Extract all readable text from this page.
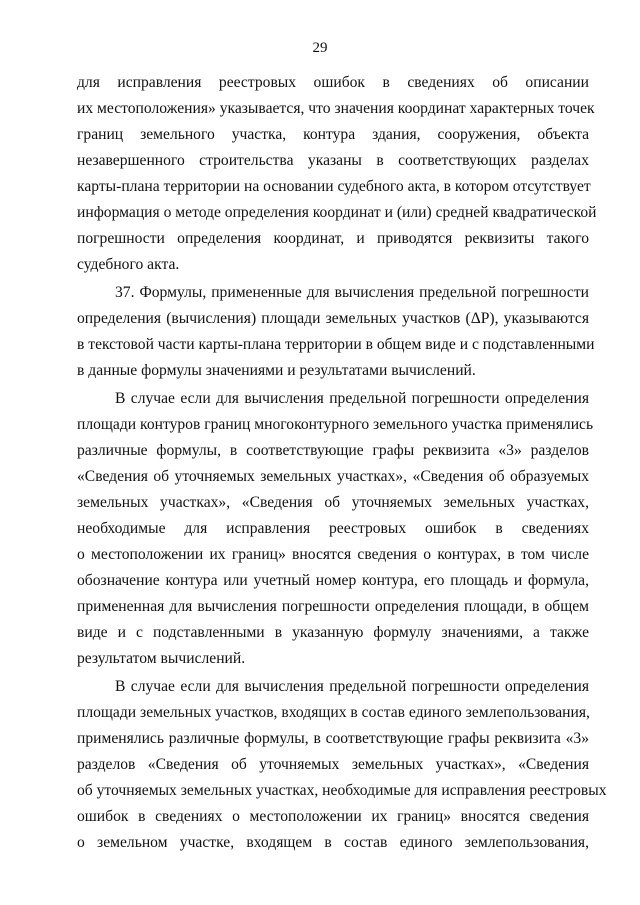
29
для исправления реестровых ошибок в сведениях об описании
их местоположения» указывается, что значения координат характерных точек
границ земельного участка, контура здания, сооружения, объекта
незавершенного строительства указаны в соответствующих разделах
карты-плана территории на основании судебного акта, в котором отсутствует
информация о методе определения координат и (или) средней квадратической
погрешности определения координат, и приводятся реквизиты такого
судебного акта.
37. Формулы, примененные для вычисления предельной погрешности
определения (вычисления) площади земельных участков (ΔP), указываются
в текстовой части карты-плана территории в общем виде и с подставленными
в данные формулы значениями и результатами вычислений.
В случае если для вычисления предельной погрешности определения
площади контуров границ многоконтурного земельного участка применялись
различные формулы, в соответствующие графы реквизита «3» разделов
«Сведения об уточняемых земельных участках», «Сведения об образуемых
земельных участках», «Сведения об уточняемых земельных участках,
необходимые для исправления реестровых ошибок в сведениях
о местоположении их границ» вносятся сведения о контурах, в том числе
обозначение контура или учетный номер контура, его площадь и формула,
примененная для вычисления погрешности определения площади, в общем
виде и с подставленными в указанную формулу значениями, а также
результатом вычислений.
В случае если для вычисления предельной погрешности определения
площади земельных участков, входящих в состав единого землепользования,
применялись различные формулы, в соответствующие графы реквизита «3»
разделов «Сведения об уточняемых земельных участках», «Сведения
об уточняемых земельных участках, необходимые для исправления реестровых
ошибок в сведениях о местоположении их границ» вносятся сведения
о земельном участке, входящем в состав единого землепользования,
